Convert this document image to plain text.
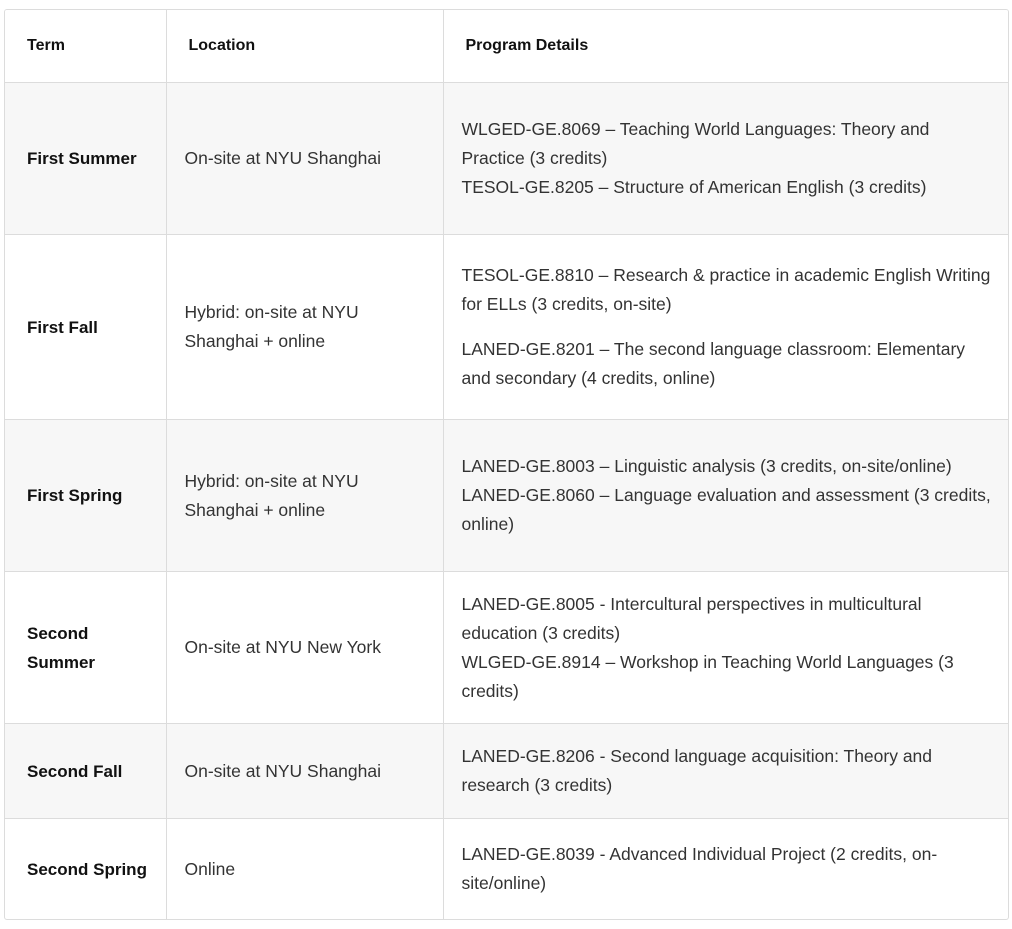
Term	Location	Program Details
First Summer	On-site at NYU Shanghai	WLGED-GE.8069 – Teaching World Languages: Theory and Practice (3 credits)
TESOL-GE.8205 – Structure of American English (3 credits)

First Fall	Hybrid: on-site at NYU Shanghai + online	TESOL-GE.8810 – Research & practice in academic English Writing for ELLs (3 credits, on-site)
LANED-GE.8201 – The second language classroom: Elementary and secondary (4 credits, online)

First Spring	Hybrid: on-site at NYU Shanghai + online	LANED-GE.8003 – Linguistic analysis (3 credits, on-site/online)
LANED-GE.8060 – Language evaluation and assessment (3 credits, online)

Second Summer	On-site at NYU New York	LANED-GE.8005 - Intercultural perspectives in multicultural education (3 credits)
WLGED-GE.8914 – Workshop in Teaching World Languages (3 credits)

Second Fall	On-site at NYU Shanghai	LANED-GE.8206 - Second language acquisition: Theory and research (3 credits)

Second Spring	Online	LANED-GE.8039 - Advanced Individual Project (2 credits, on-site/online)
